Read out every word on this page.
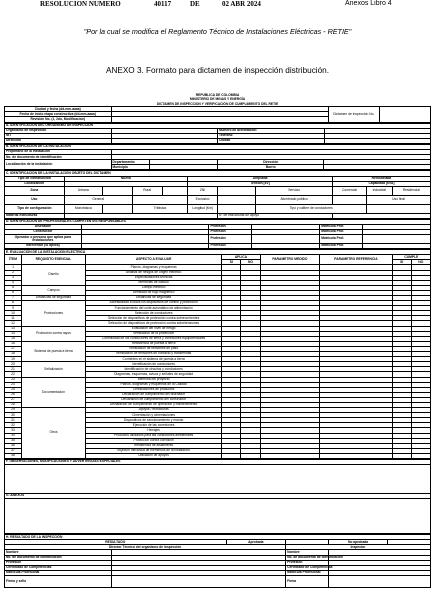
RESOLUCION NUMERO	40117	DE	02 ABR 2024	Anexos Libro 4
"Por la cual se modifica el Reglamento Técnico de Instalaciones Eléctricas - RETIE"
ANEXO 3. Formato para dictamen de inspección distribución.
	REPUBLICA DE COLOMBIA	
	MINISTERIO DE MINAS Y ENERGÍA	
	DICTAMEN DE INSPECCION Y VERIFICACIÓN DE CUMPLIMIENTO DEL RETIE	
Ciudad y fecha (dd-mm-aaaa)		Dictamen de inspección No.	
Fecha de inicio etapa constructiva (dd-mm-aaaa)			
Revisión No. (1, 2do, Modificación)			
A. IDENTIFICACION DEL ORGANISMO DE INSPECCION			
Organismo de inspección		Número de acreditación	
NIT		Teléfono	
Dirección		Ciudad	
B. IDENTIFICACION DE LA INSTALACION				
Propietario de la instalación				
No. de documento de identificación				
Localización de la instalación	Departamento		Dirección	
	Municipio		Barrio	
C. IDENTIFICACION DE LA INSTALACIÓN OBJETO DEL DICTAMEN										
Tipo de construcción	Nueva				Ampliada			Remodelada		
Localización					Tensión [kV]			Capacidad [kVA]		
Zona	Urbana		Rural		ZNI		Servicio	Comercial	Industrial	Residencial
Uso	General				Exclusivo		Alumbrado público		Uso final	
Tipo de configuración	Monofásica		Trifásica		Longitud [Km]		Tipo y calibre de conductores			
Material estructuras						N° de estructuras de apoyo				
D. IDENTIFICACIÓN DE PROFESIONALES COMPETENTES RESPONSABLES					
Diseñador		Profesión		Matrícula Prof.	
Constructor		Profesión		Matrícula Prof.	
Operador o persona que aplica para instalaciones		Profesión		Matrícula Prof.	
Interventor (Si aplica)		Profesión		Matrícula Prof.	
E. EVALUACION DE LA INSTALACION ELECTRICA								
ÍTEM	REQUISITO ESENCIAL	ASPECTO A EVALUAR	APLICA		PARAMETRO MEDIDO	PARAMETRO REFERENCIA	CUMPLE	
			SÍ	NO			SÍ	NO
1	Diseño	Planos, diagramas y esquemas						
2		Análisis de riesgos de origen eléctrico						
3		Especificaciones técnicas						
4		Memorias de cálculo						
5	Campos	Campo eléctrico						
6		Densidad de flujo magnético						
7	Distancias de seguridad	Distancias de seguridad						
8	Protecciones	Accesibilidad a todos los dispositivos de control y protección						
9		Funcionamiento del corte automático de alimentación						
10		Selección de conductores						
11		Selección de dispositivos de protección contra sobrecorrientes						
12		Selección de dispositivos de protección contra sobretensiones						
13	Protección contra rayos	Evaluación del nivel de riesgo						
14		Verificación de la protección						
15		Continuidad de los conductores de tierra y conexiones equipotenciales						
16	Sistema de puesta a tierra	Resistencia de puesta a tierra						
17		Verificación de tensiones de paso						
18		Verificación de tensiones de contacto y transferidas						
19		Corrientes en el sistema de puesta a tierra						
20	Señalización	Identificación de conductores						
21		Identificación de circuitos y conductores						
22		Diagramas, esquemas, avisos y señales de seguridad						
23	Documentación	Memoria del proyecto						
24		Planos, diagramas y esquemas de la Calidad						
25		Certificaciones de productos						
26		Declaración de cumplimiento del diseñador						
27		Declaración de cumplimiento del constructor						
28		Declaración de cumplimiento de operación y mantenimiento						
29	Otros	Apoyos / estructuras						
30		Cimentación y cimentaciones						
31		Dispositivos de seccionamiento y mando						
32		Ejecución de las conexiones						
33		Herrajes						
34		Productos utilizados para las condiciones ambientales						
35		Protección contra corrosión						
36		Resistencia de aislamiento						
37		Sujeción mecánica de elementos de la instalación						
38		Ubicación de apoyos						
F. OBSERVACIONES, MODIFICACIONES Y ADVERTENCIAS ESPECIALES

G. ANEXOS

H. RESULTADO DE LA INSPECCIÓN					
RESULTADO		Aprobada		No aprobada	
Director Técnico del organismo de inspección			Inspector		
Nombre			Nombre		
No. de documento de identificación			No. de documento de identificación		
Profesión			Profesión		
Certificado de Competencias			Certificado de Competencias		
Matrícula Profesional			Matrícula Profesional		
Firma y sello			Firma		
